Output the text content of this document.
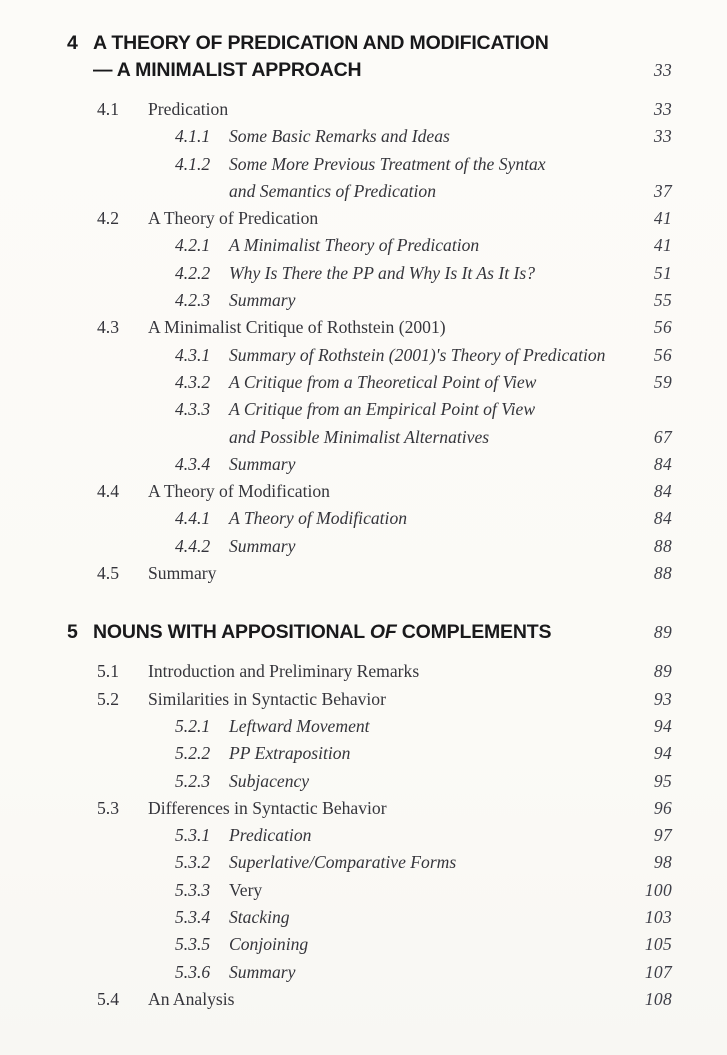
4 A THEORY OF PREDICATION AND MODIFICATION
— A MINIMALIST APPROACH	33
4.1	Predication	33
4.1.1	Some Basic Remarks and Ideas	33
4.1.2	Some More Previous Treatment of the Syntax
and Semantics of Predication	37
4.2	A Theory of Predication	41
4.2.1	A Minimalist Theory of Predication	41
4.2.2	Why Is There the PP and Why Is It As It Is?	51
4.2.3	Summary	55
4.3	A Minimalist Critique of Rothstein (2001)	56
4.3.1	Summary of Rothstein (2001)'s Theory of Predication	56
4.3.2	A Critique from a Theoretical Point of View	59
4.3.3	A Critique from an Empirical Point of View
and Possible Minimalist Alternatives	67
4.3.4	Summary	84
4.4	A Theory of Modification	84
4.4.1	A Theory of Modification	84
4.4.2	Summary	88
4.5	Summary	88
5 NOUNS WITH APPOSITIONAL OF COMPLEMENTS	89
5.1	Introduction and Preliminary Remarks	89
5.2	Similarities in Syntactic Behavior	93
5.2.1	Leftward Movement	94
5.2.2	PP Extraposition	94
5.2.3	Subjacency	95
5.3	Differences in Syntactic Behavior	96
5.3.1	Predication	97
5.3.2	Superlative/Comparative Forms	98
5.3.3	Very	100
5.3.4	Stacking	103
5.3.5	Conjoining	105
5.3.6	Summary	107
5.4	An Analysis	108
